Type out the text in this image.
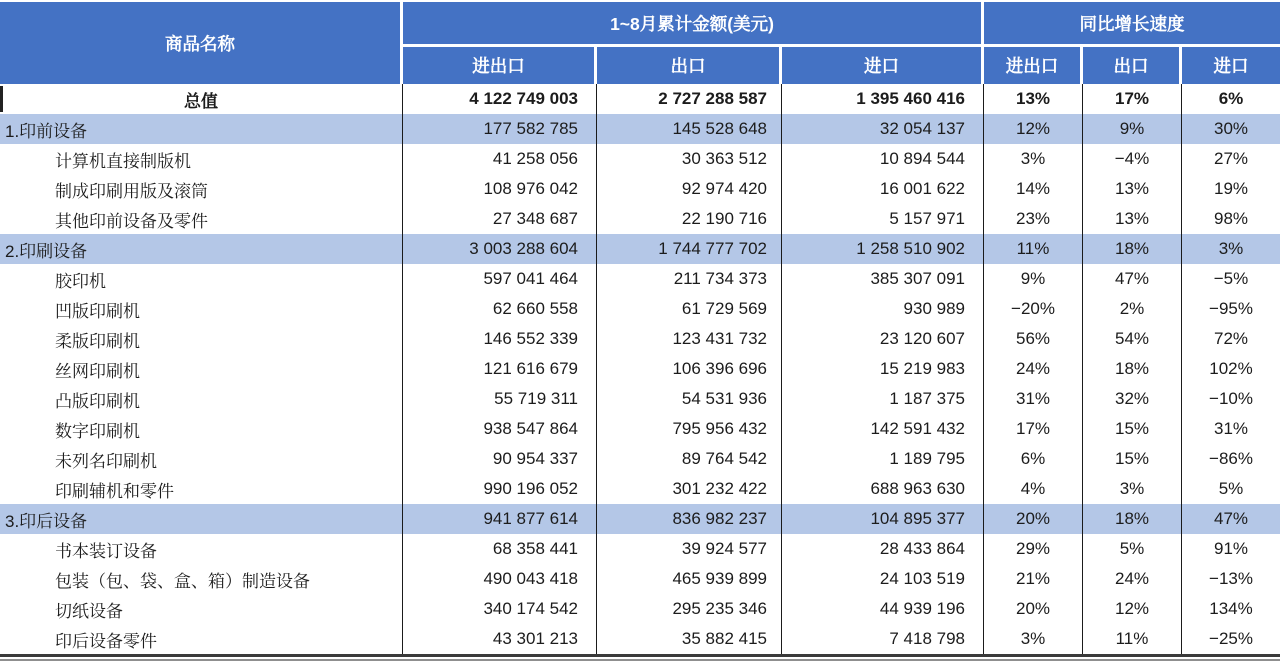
商品名称
1~8月累计金额(美元)	同比增长速度
进出口	出口	进口	进出口	出口	进口
总值	4 122 749 003	2 727 288 587	1 395 460 416	13%	17%	6%
1.印前设备	177 582 785	145 528 648	32 054 137	12%	9%	30%
计算机直接制版机	41 258 056	30 363 512	10 894 544	3%	−4%	27%
制成印刷用版及滚筒	108 976 042	92 974 420	16 001 622	14%	13%	19%
其他印前设备及零件	27 348 687	22 190 716	5 157 971	23%	13%	98%
2.印刷设备	3 003 288 604	1 744 777 702	1 258 510 902	11%	18%	3%
胶印机	597 041 464	211 734 373	385 307 091	9%	47%	−5%
凹版印刷机	62 660 558	61 729 569	930 989	−20%	2%	−95%
柔版印刷机	146 552 339	123 431 732	23 120 607	56%	54%	72%
丝网印刷机	121 616 679	106 396 696	15 219 983	24%	18%	102%
凸版印刷机	55 719 311	54 531 936	1 187 375	31%	32%	−10%
数字印刷机	938 547 864	795 956 432	142 591 432	17%	15%	31%
未列名印刷机	90 954 337	89 764 542	1 189 795	6%	15%	−86%
印刷辅机和零件	990 196 052	301 232 422	688 963 630	4%	3%	5%
3.印后设备	941 877 614	836 982 237	104 895 377	20%	18%	47%
书本装订设备	68 358 441	39 924 577	28 433 864	29%	5%	91%
包装（包、袋、盒、箱）制造设备	490 043 418	465 939 899	24 103 519	21%	24%	−13%
切纸设备	340 174 542	295 235 346	44 939 196	20%	12%	134%
印后设备零件	43 301 213	35 882 415	7 418 798	3%	11%	−25%
